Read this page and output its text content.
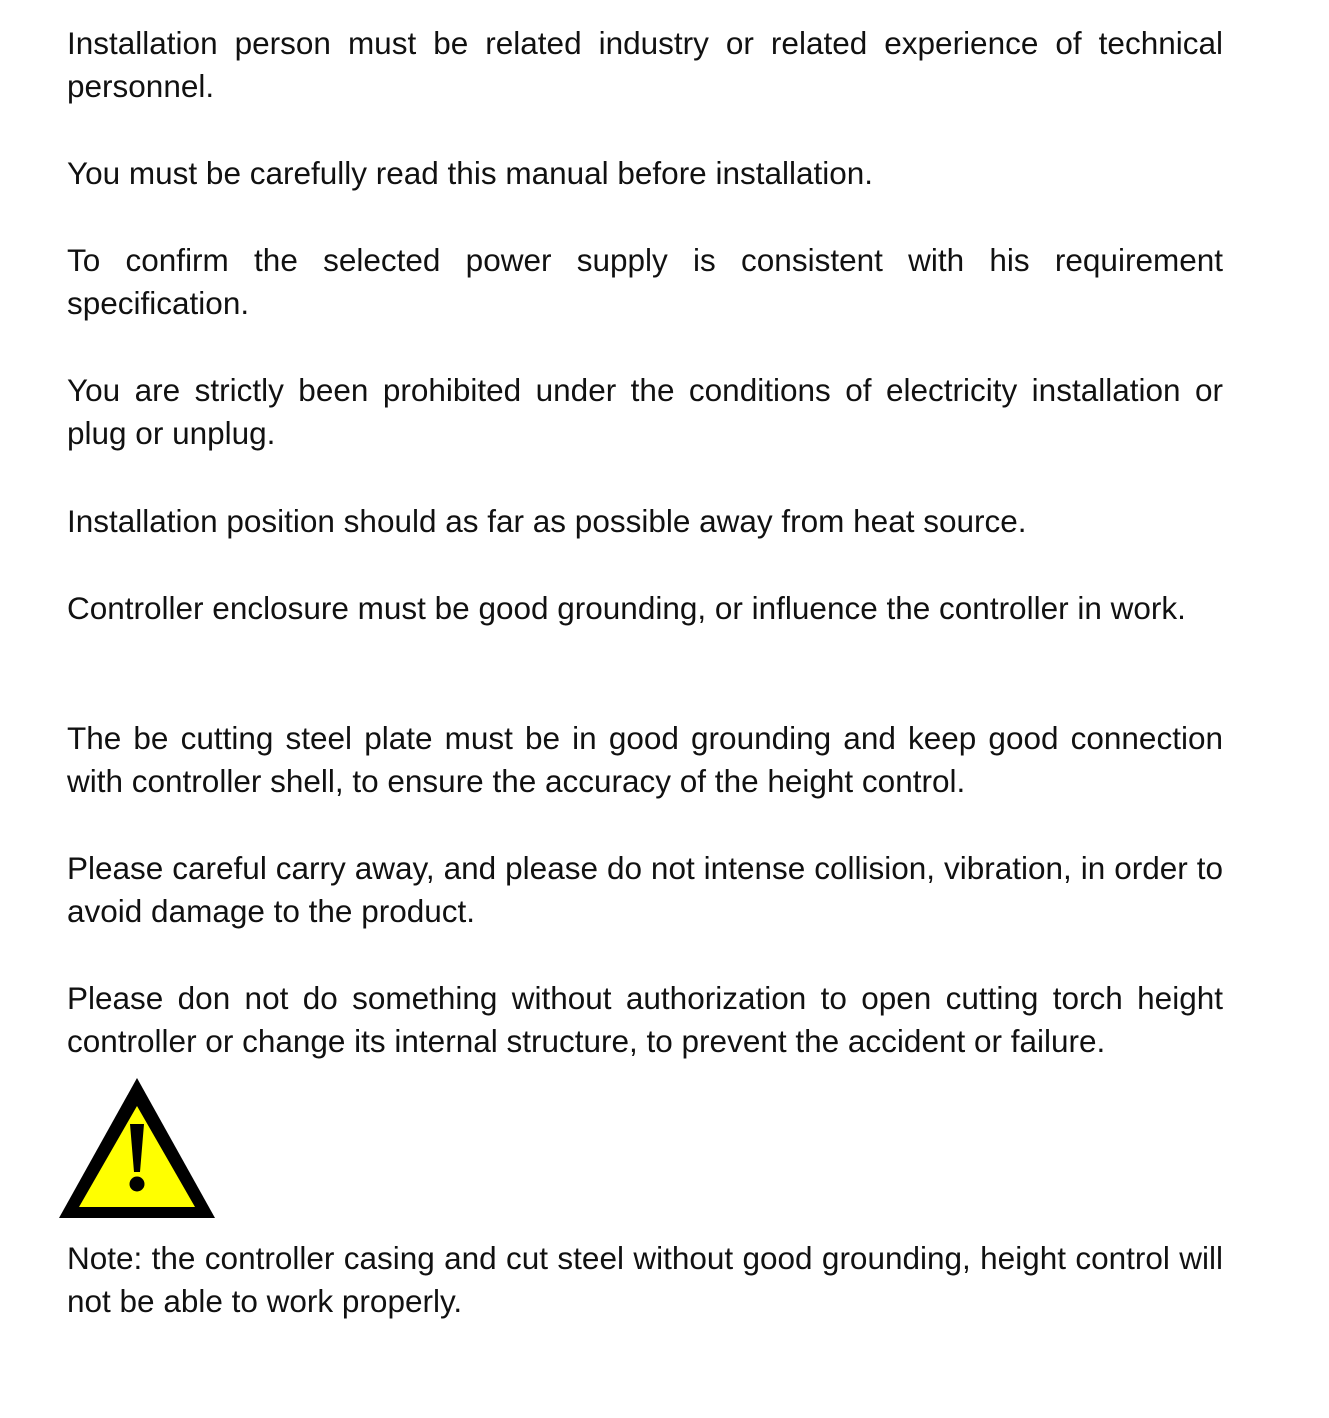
Installation person must be related industry or related experience of technical personnel.

You must be carefully read this manual before installation.

To confirm the selected power supply is consistent with his requirement specification.

You are strictly been prohibited under the conditions of electricity installation or plug or unplug.

Installation position should as far as possible away from heat source.

Controller enclosure must be good grounding, or influence the controller in work.

The be cutting steel plate must be in good grounding and keep good connection with controller shell, to ensure the accuracy of the height control.

Please careful carry away, and please do not intense collision, vibration, in order to avoid damage to the product.

Please don not do something without authorization to open cutting torch height controller or change its internal structure, to prevent the accident or failure.

Note: the controller casing and cut steel without good grounding, height control will not be able to work properly.
